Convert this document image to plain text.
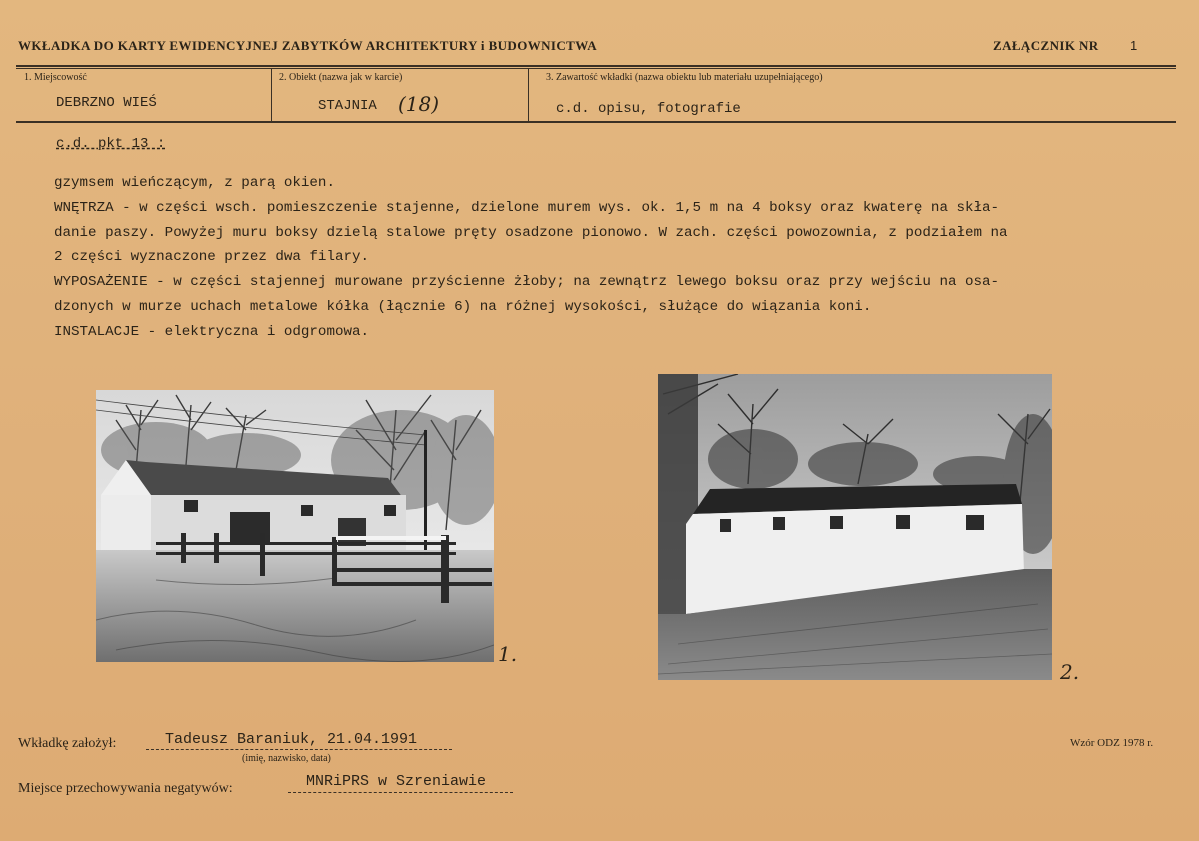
WKŁADKA DO KARTY EWIDENCYJNEJ ZABYTKÓW ARCHITEKTURY i BUDOWNICTWA	ZAŁĄCZNIK NR 1
1. Miejscowość	2. Obiekt (nazwa jak w karcie)	3. Zawartość wkładki (nazwa obiektu lub materiału uzupełniającego)
DEBRZNO WIEŚ	STAJNIA (18)	c.d. opisu, fotografie
c.d. pkt 13 :
gzymsem wieńczącym, z parą okien.
WNĘTRZA - w części wsch. pomieszczenie stajenne, dzielone murem wys. ok. 1,5 m na 4 boksy oraz kwaterę na skła-
danie paszy. Powyżej muru boksy dzielą stalowe pręty osadzone pionowo. W zach. części powozownia, z podziałem na
2 części wyznaczone przez dwa filary.
WYPOSAŻENIE - w części stajennej murowane przyścienne żłoby; na zewnątrz lewego boksu oraz przy wejściu na osa-
dzonych w murze uchach metalowe kółka (łącznie 6) na różnej wysokości, służące do wiązania koni.
INSTALACJE - elektryczna i odgromowa.
1.
2.
Wkładkę założył:	Tadeusz Baraniuk, 21.04.1991
(imię, nazwisko, data)
Wzór ODZ 1978 r.
Miejsce przechowywania negatywów:	MNRiPRS w Szreniawie
